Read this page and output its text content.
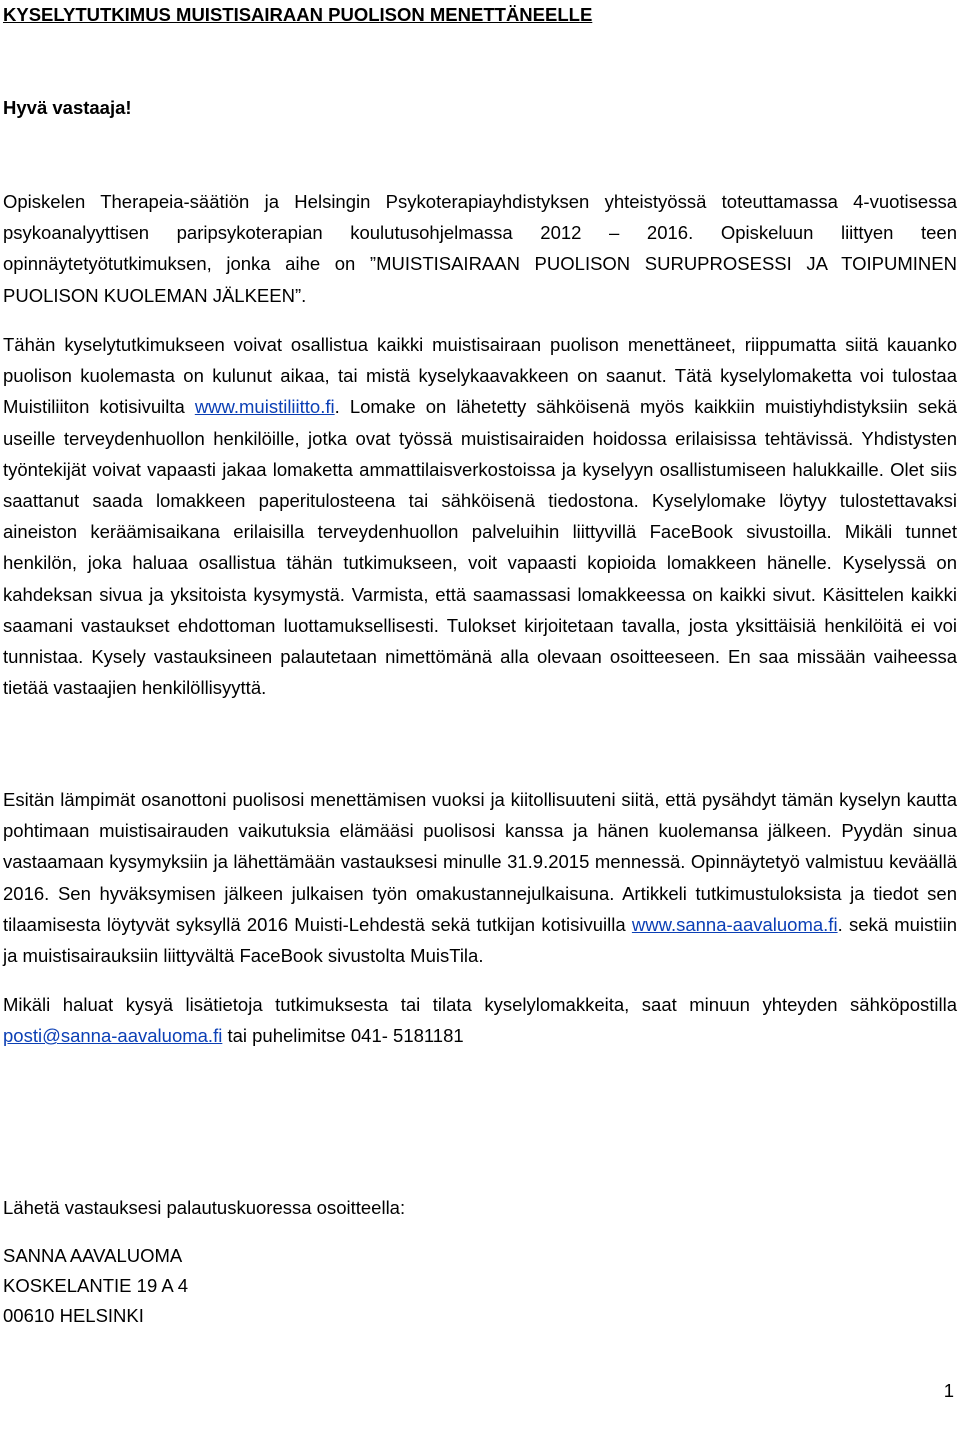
KYSELYTUTKIMUS MUISTISAIRAAN PUOLISON MENETTÄNEELLE
Hyvä vastaaja!

Opiskelen Therapeia-säätiön ja Helsingin Psykoterapiayhdistyksen yhteistyössä toteuttamassa 4-vuotisessa psykoanalyyttisen paripsykoterapian koulutusohjelmassa 2012 – 2016. Opiskeluun liittyen teen opinnäytetyötutkimuksen, jonka aihe on ”MUISTISAIRAAN PUOLISON SURUPROSESSI JA TOIPUMINEN PUOLISON KUOLEMAN JÄLKEEN”.

Tähän kyselytutkimukseen voivat osallistua kaikki muistisairaan puolison menettäneet, riippumatta siitä kauanko puolison kuolemasta on kulunut aikaa, tai mistä kyselykaavakkeen on saanut. Tätä kyselylomaketta voi tulostaa Muistiliiton kotisivuilta www.muistiliitto.fi. Lomake on lähetetty sähköisenä myös kaikkiin muistiyhdistyksiin sekä useille terveydenhuollon henkilöille, jotka ovat työssä muistisairaiden hoidossa erilaisissa tehtävissä. Yhdistysten työntekijät voivat vapaasti jakaa lomaketta ammattilaisverkostoissa ja kyselyyn osallistumiseen halukkaille. Olet siis saattanut saada lomakkeen paperitulosteena tai sähköisenä tiedostona. Kyselylomake löytyy tulostettavaksi aineiston keräämisaikana erilaisilla terveydenhuollon palveluihin liittyvillä FaceBook sivustoilla. Mikäli tunnet henkilön, joka haluaa osallistua tähän tutkimukseen, voit vapaasti kopioida lomakkeen hänelle. Kyselyssä on kahdeksan sivua ja yksitoista kysymystä. Varmista, että saamassasi lomakkeessa on kaikki sivut. Käsittelen kaikki saamani vastaukset ehdottoman luottamuksellisesti. Tulokset kirjoitetaan tavalla, josta yksittäisiä henkilöitä ei voi tunnistaa. Kysely vastauksineen palautetaan nimettömänä alla olevaan osoitteeseen. En saa missään vaiheessa tietää vastaajien henkilöllisyyttä.

Esitän lämpimät osanottoni puolisosi menettämisen vuoksi ja kiitollisuuteni siitä, että pysähdyt tämän kyselyn kautta pohtimaan muistisairauden vaikutuksia elämääsi puolisosi kanssa ja hänen kuolemansa jälkeen. Pyydän sinua vastaamaan kysymyksiin ja lähettämään vastauksesi minulle 31.9.2015 mennessä. Opinnäytetyö valmistuu keväällä 2016. Sen hyväksymisen jälkeen julkaisen työn omakustannejulkaisuna. Artikkeli tutkimustuloksista ja tiedot sen tilaamisesta löytyvät syksyllä 2016 Muisti-Lehdestä sekä tutkijan kotisivuilla www.sanna-aavaluoma.fi. sekä muistiin ja muistisairauksiin liittyvältä FaceBook sivustolta MuisTila.

Mikäli haluat kysyä lisätietoja tutkimuksesta tai tilata kyselylomakkeita, saat minuun yhteyden sähköpostilla posti@sanna-aavaluoma.fi tai puhelimitse 041- 5181181

Lähetä vastauksesi palautuskuoressa osoitteella:
SANNA AAVALUOMA
KOSKELANTIE 19 A 4
00610 HELSINKI
1
